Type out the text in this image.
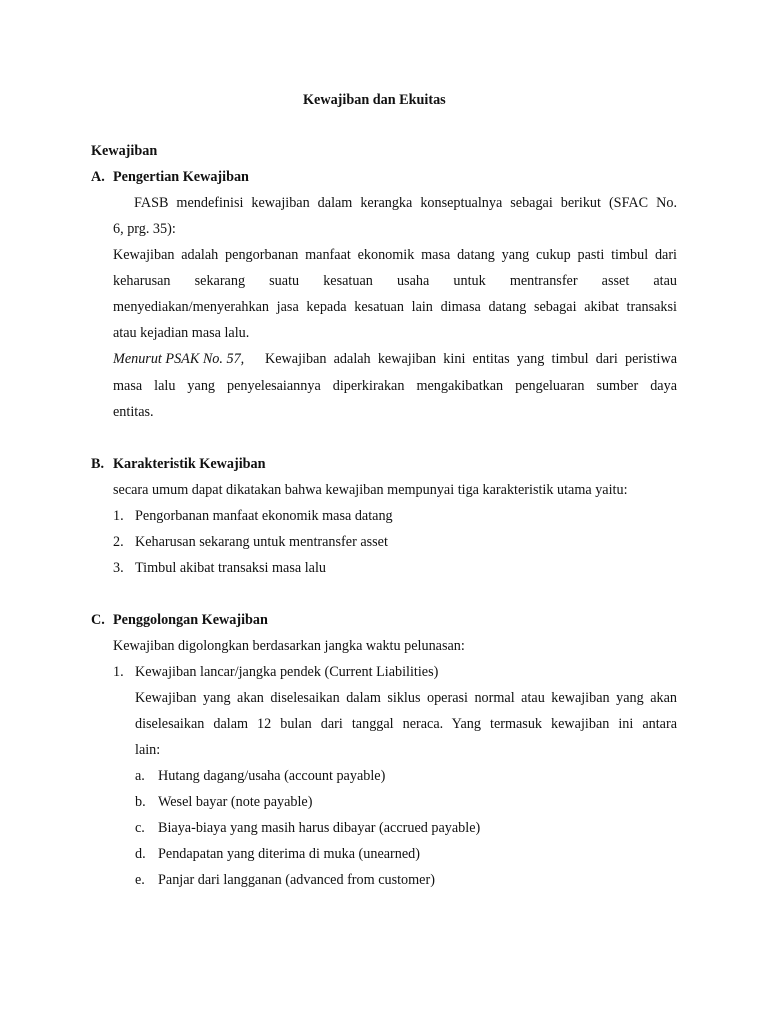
Kewajiban dan Ekuitas
Kewajiban
A. Pengertian Kewajiban
FASB mendefinisi kewajiban dalam kerangka konseptualnya sebagai berikut (SFAC No.
6, prg. 35):
Kewajiban adalah pengorbanan manfaat ekonomik masa datang yang cukup pasti timbul dari
keharusan sekarang suatu kesatuan usaha untuk mentransfer asset atau
menyediakan/menyerahkan jasa kepada kesatuan lain dimasa datang sebagai akibat transaksi
atau kejadian masa lalu.
Menurut PSAK No. 57, Kewajiban adalah kewajiban kini entitas yang timbul dari peristiwa
masa lalu yang penyelesaiannya diperkirakan mengakibatkan pengeluaran sumber daya
entitas.
B. Karakteristik Kewajiban
secara umum dapat dikatakan bahwa kewajiban mempunyai tiga karakteristik utama yaitu:
1. Pengorbanan manfaat ekonomik masa datang
2. Keharusan sekarang untuk mentransfer asset
3. Timbul akibat transaksi masa lalu
C. Penggolongan Kewajiban
Kewajiban digolongkan berdasarkan jangka waktu pelunasan:
1. Kewajiban lancar/jangka pendek (Current Liabilities)
Kewajiban yang akan diselesaikan dalam siklus operasi normal atau kewajiban yang akan
diselesaikan dalam 12 bulan dari tanggal neraca. Yang termasuk kewajiban ini antara
lain:
a. Hutang dagang/usaha (account payable)
b. Wesel bayar (note payable)
c. Biaya-biaya yang masih harus dibayar (accrued payable)
d. Pendapatan yang diterima di muka (unearned)
e. Panjar dari langganan (advanced from customer)
